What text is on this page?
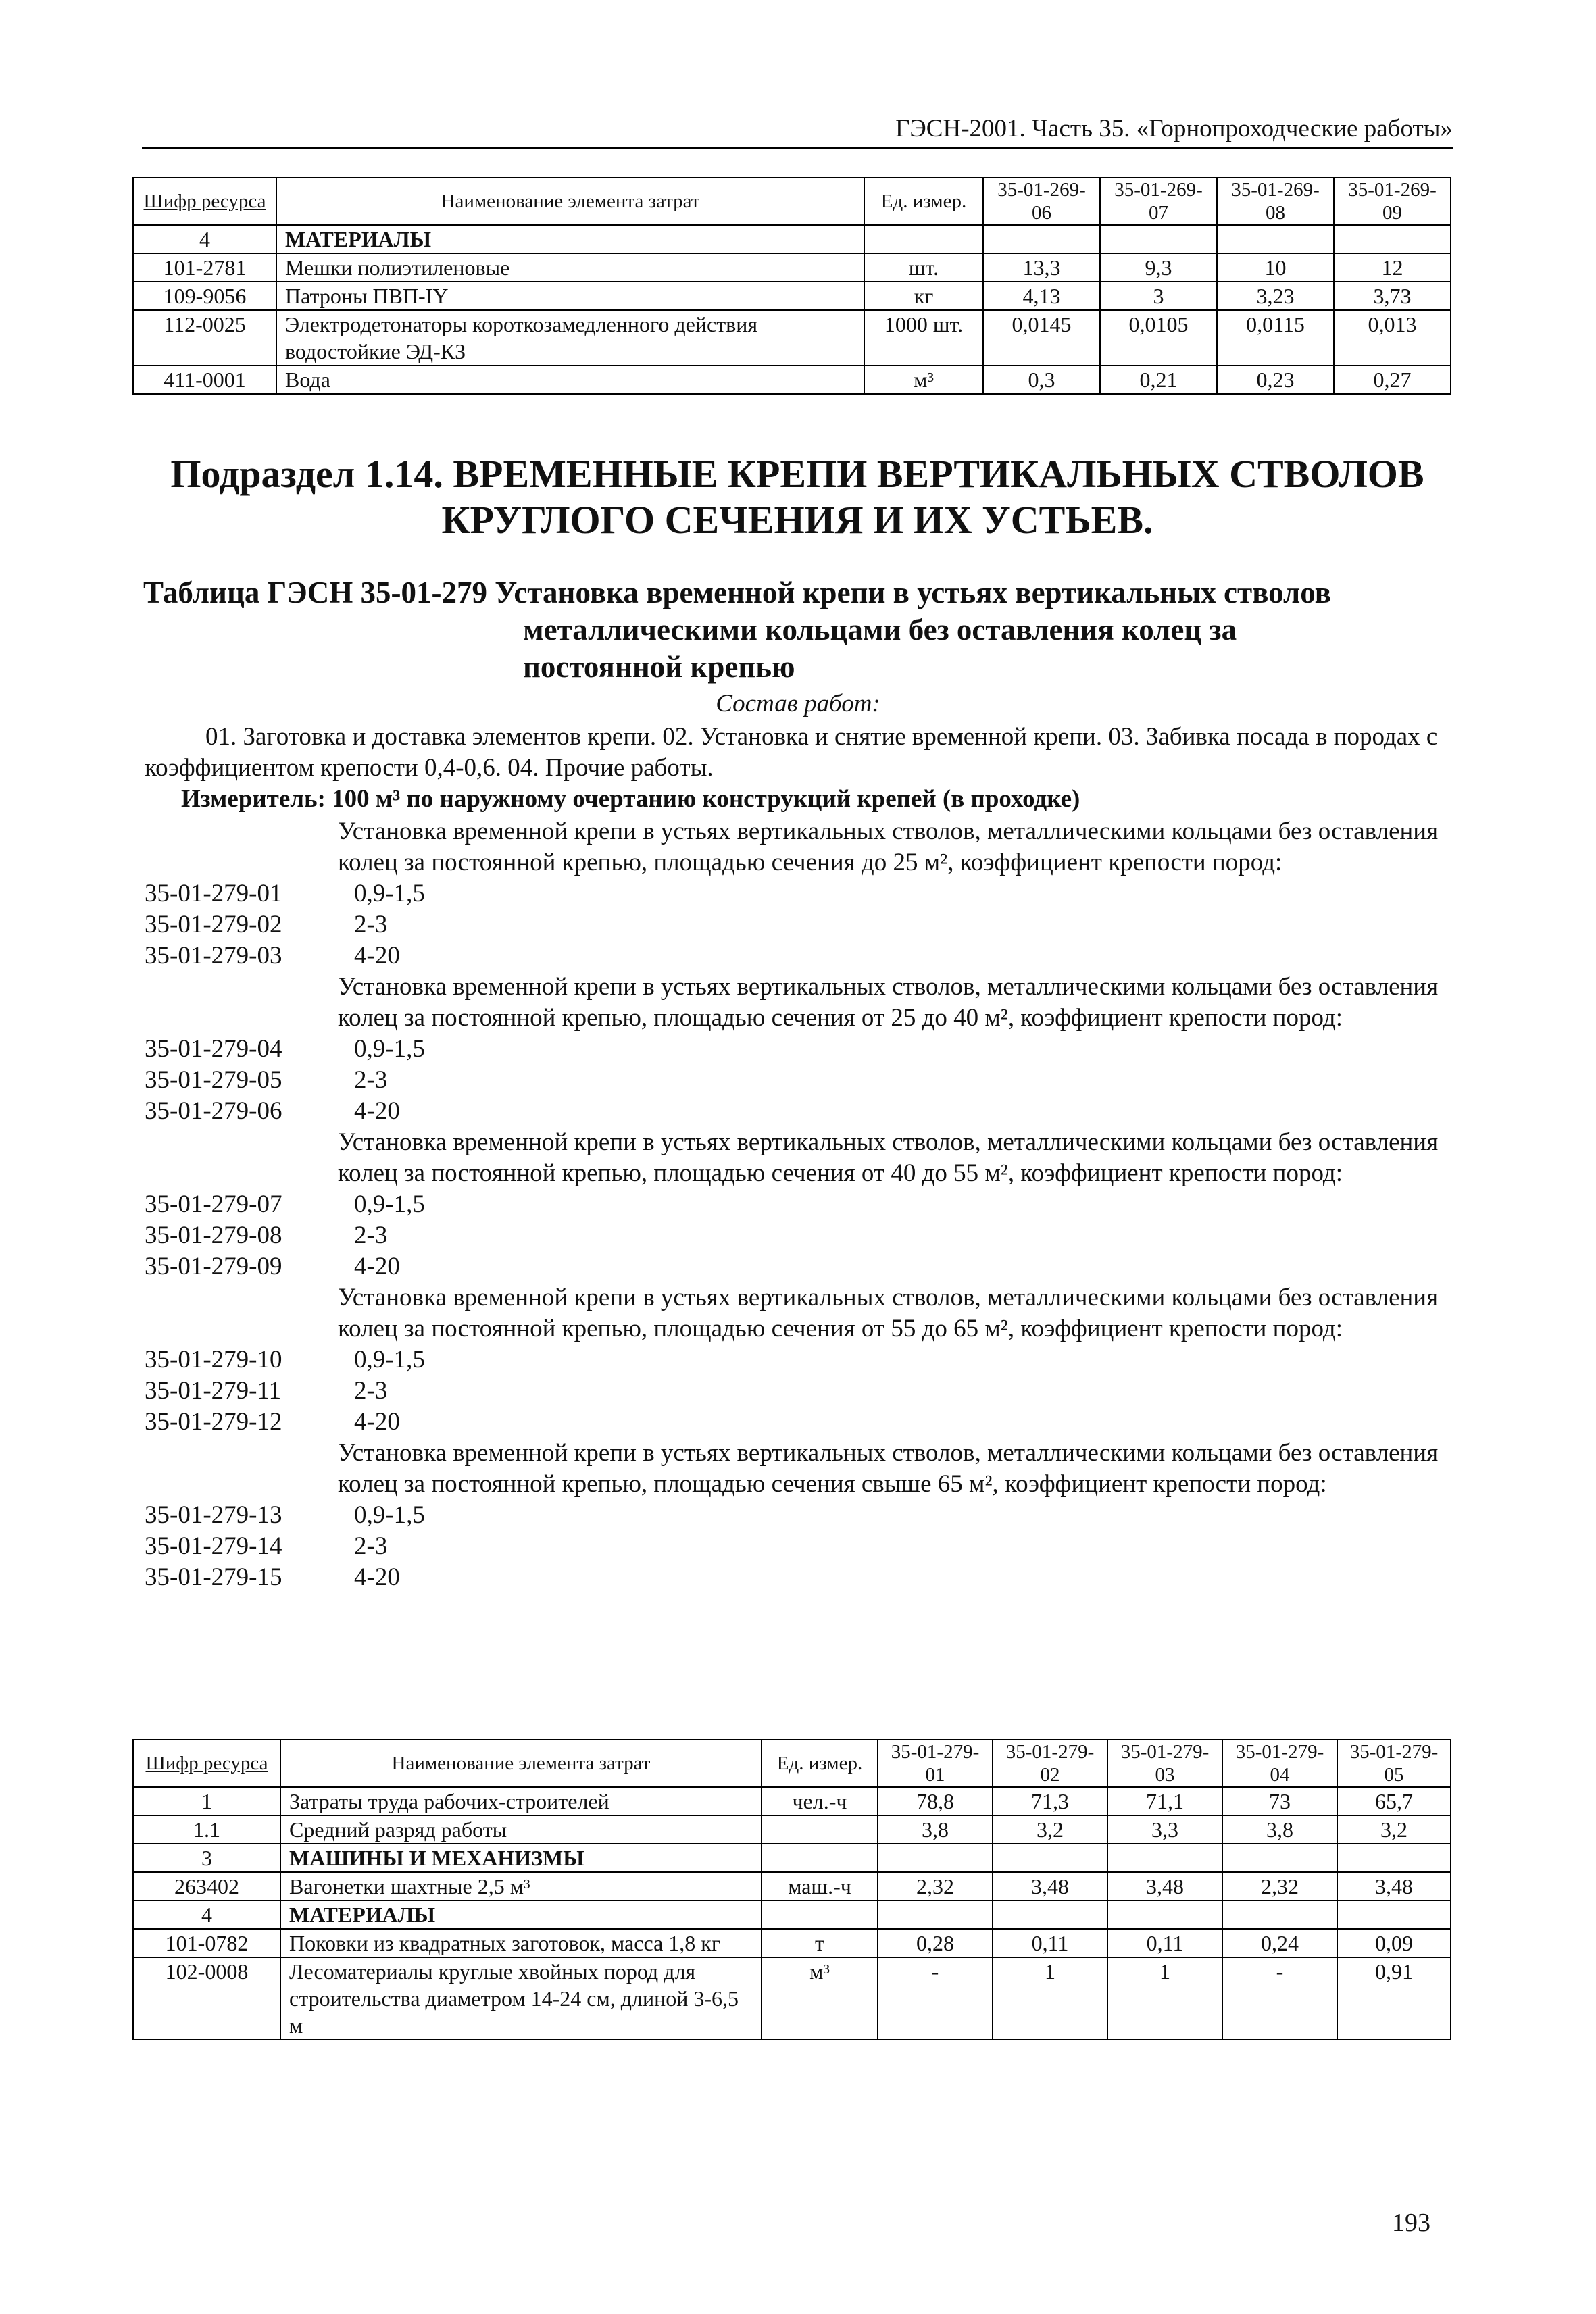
ГЭСН-2001. Часть 35. «Горнопроходческие работы»
Шифр ресурса	Наименование элемента затрат	Ед. измер.	35-01-269-06	35-01-269-07	35-01-269-08	35-01-269-09
4	МАТЕРИАЛЫ					
101-2781	Мешки полиэтиленовые	шт.	13,3	9,3	10	12
109-9056	Патроны ПВП-IY	кг	4,13	3	3,23	3,73
112-0025	Электродетонаторы короткозамедленного действия водостойкие ЭД-КЗ	1000 шт.	0,0145	0,0105	0,0115	0,013
411-0001	Вода	м³	0,3	0,21	0,23	0,27
Подраздел 1.14. ВРЕМЕННЫЕ КРЕПИ ВЕРТИКАЛЬНЫХ СТВОЛОВ КРУГЛОГО СЕЧЕНИЯ И ИХ УСТЬЕВ.
Таблица ГЭСН 35-01-279 Установка временной крепи в устьях вертикальных стволов
металлическими кольцами без оставления колец за постоянной крепью
Состав работ:
01. Заготовка и доставка элементов крепи. 02. Установка и снятие временной крепи. 03. Забивка посада в породах с коэффициентом крепости 0,4-0,6. 04. Прочие работы.
Измеритель: 100 м³ по наружному очертанию конструкций крепей (в проходке)
Установка временной крепи в устьях вертикальных стволов, металлическими кольцами без оставления колец за постоянной крепью, площадью сечения до 25 м², коэффициент крепости пород:
35-01-279-01	0,9-1,5
35-01-279-02	2-3
35-01-279-03	4-20
Установка временной крепи в устьях вертикальных стволов, металлическими кольцами без оставления колец за постоянной крепью, площадью сечения от 25 до 40 м², коэффициент крепости пород:
35-01-279-04	0,9-1,5
35-01-279-05	2-3
35-01-279-06	4-20
Установка временной крепи в устьях вертикальных стволов, металлическими кольцами без оставления колец за постоянной крепью, площадью сечения от 40 до 55 м², коэффициент крепости пород:
35-01-279-07	0,9-1,5
35-01-279-08	2-3
35-01-279-09	4-20
Установка временной крепи в устьях вертикальных стволов, металлическими кольцами без оставления колец за постоянной крепью, площадью сечения от 55 до 65 м², коэффициент крепости пород:
35-01-279-10	0,9-1,5
35-01-279-11	2-3
35-01-279-12	4-20
Установка временной крепи в устьях вертикальных стволов, металлическими кольцами без оставления колец за постоянной крепью, площадью сечения свыше 65 м², коэффициент крепости пород:
35-01-279-13	0,9-1,5
35-01-279-14	2-3
35-01-279-15	4-20
Шифр ресурса	Наименование элемента затрат	Ед. измер.	35-01-279-01	35-01-279-02	35-01-279-03	35-01-279-04	35-01-279-05
1	Затраты труда рабочих-строителей	чел.-ч	78,8	71,3	71,1	73	65,7
1.1	Средний разряд работы		3,8	3,2	3,3	3,8	3,2
3	МАШИНЫ И МЕХАНИЗМЫ						
263402	Вагонетки шахтные 2,5 м³	маш.-ч	2,32	3,48	3,48	2,32	3,48
4	МАТЕРИАЛЫ						
101-0782	Поковки из квадратных заготовок, масса 1,8 кг	т	0,28	0,11	0,11	0,24	0,09
102-0008	Лесоматериалы круглые хвойных пород для строительства диаметром 14-24 см, длиной 3-6,5 м	м³	-	1	1	-	0,91
193
